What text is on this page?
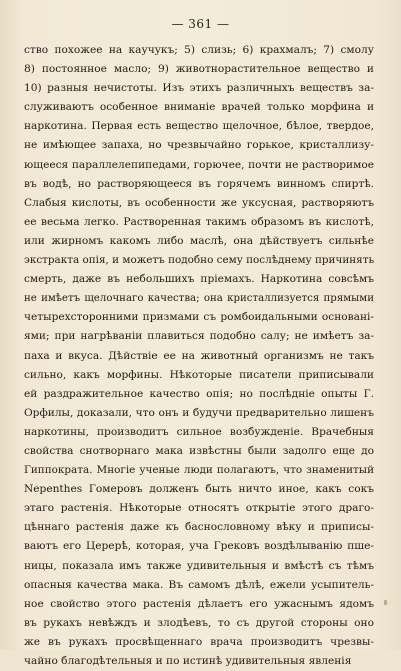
— 361 —
ство похожее на каучукъ; 5) слизь; 6) крахмалъ; 7) смолу
8) постоянное масло; 9) животнорастительное вещество и
10) разныя нечистоты. Изъ этихъ различныхъ веществъ за-
служиваютъ особенное вниманіе врачей только морфина и
наркотина. Первая есть вещество щелочное, бѣлое, твердое,
не имѣющее запаха, но чрезвычайно горькое, кристаллизу-
ющееся параллелепипедами, горючее, почти не растворимое
въ водѣ, но растворяющееся въ горячемъ винномъ спиртѣ.
Слабыя кислоты, въ особенности же уксусная, растворяютъ
ее весьма легко. Растворенная такимъ образомъ въ кислотѣ,
или жирномъ какомъ либо маслѣ, она дѣйствуетъ сильнѣе
экстракта опія, и можетъ подобно сему послѣднему причинять
смерть, даже въ небольшихъ пріемахъ. Наркотина совсѣмъ
не имѣетъ щелочнаго качества; она кристаллизуется прямыми
четырехсторонними призмами съ ромбоидальными основані-
ями; при нагрѣваніи плавиться подобно салу; не имѣетъ за-
паха и вкуса. Дѣйствіе ее на животный организмъ не такъ
сильно, какъ морфины. Нѣкоторые писатели приписывали
ей раздражительное качество опія; но послѣдніе опыты Г.
Орфилы, доказали, что онъ и будучи предварительно лишенъ
наркотины, производитъ сильное возбужденіе. Врачебныя
свойства снотворнаго мака извѣстны были задолго еще до
Гиппократа. Многіе ученые люди полагаютъ, что знаменитый
Nepenthes Гомеровъ долженъ быть ничто иное, какъ сокъ
этаго растенія. Нѣкоторые относятъ открытіе этого драго-
цѣннаго растенія даже къ баснословному вѣку и приписы-
ваютъ его Церерѣ, которая, уча Грековъ воздѣлыванію пше-
ницы, показала имъ также удивительныя и вмѣстѣ съ тѣмъ
опасныя качества мака. Въ самомъ дѣлѣ, ежели усыпитель-
ное свойство этого растенія дѣлаетъ его ужаснымъ ядомъ
въ рукахъ невѣждъ и злодѣевъ, то съ другой стороны оно
же въ рукахъ просвѣщеннаго врача производитъ чрезвы-
чайно благодѣтельныя и по истинѣ удивительныя явленія
